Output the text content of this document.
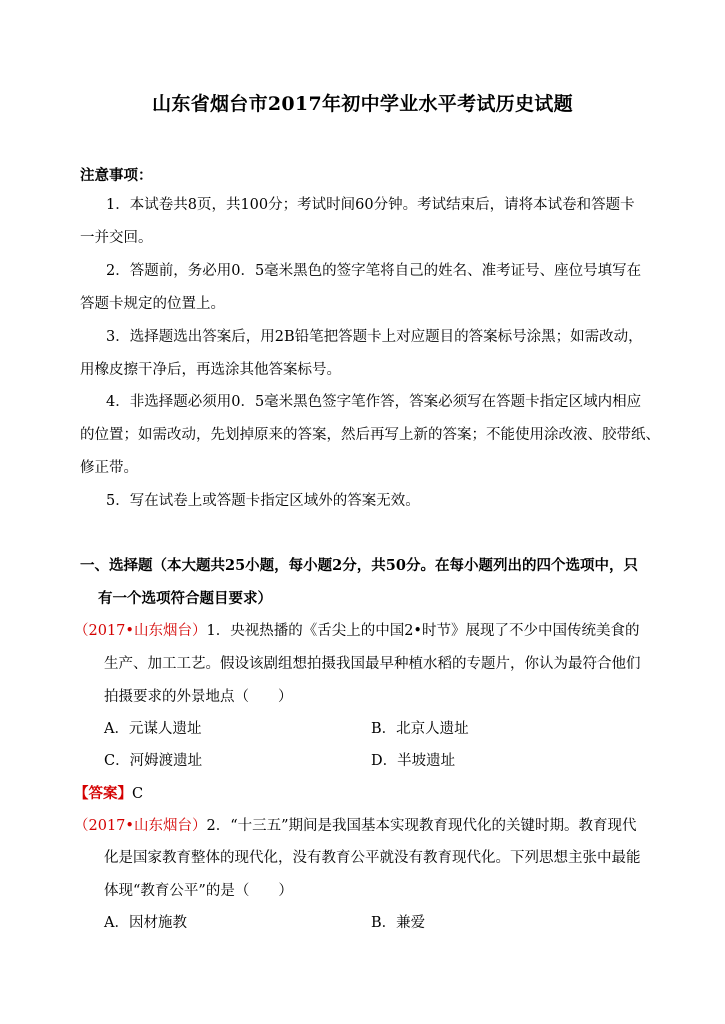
山东省烟台市2017年初中学业水平考试历史试题
注意事项：
1．本试卷共8页，共100分；考试时间60分钟。考试结束后，请将本试卷和答题卡
一并交回。
2．答题前，务必用0．5毫米黑色的签字笔将自己的姓名、准考证号、座位号填写在
答题卡规定的位置上。
3．选择题选出答案后，用2B铅笔把答题卡上对应题目的答案标号涂黑；如需改动，
用橡皮擦干净后，再选涂其他答案标号。
4．非选择题必须用0．5毫米黑色签字笔作答，答案必须写在答题卡指定区域内相应
的位置；如需改动，先划掉原来的答案，然后再写上新的答案；不能使用涂改液、胶带纸、
修正带。
5．写在试卷上或答题卡指定区域外的答案无效。
一、选择题（本大题共25小题，每小题2分，共50分。在每小题列出的四个选项中，只
有一个选项符合题目要求）
（2017•山东烟台）1．央视热播的《舌尖上的中国2•时节》展现了不少中国传统美食的
生产、加工工艺。假设该剧组想拍摄我国最早种植水稻的专题片，你认为最符合他们
拍摄要求的外景地点（　　）
A．元谋人遗址	B．北京人遗址
C．河姆渡遗址	D．半坡遗址
【答案】C
（2017•山东烟台）2．“十三五”期间是我国基本实现教育现代化的关键时期。教育现代
化是国家教育整体的现代化，没有教育公平就没有教育现代化。下列思想主张中最能
体现“教育公平”的是（　　）
A．因材施教	B．兼爱
